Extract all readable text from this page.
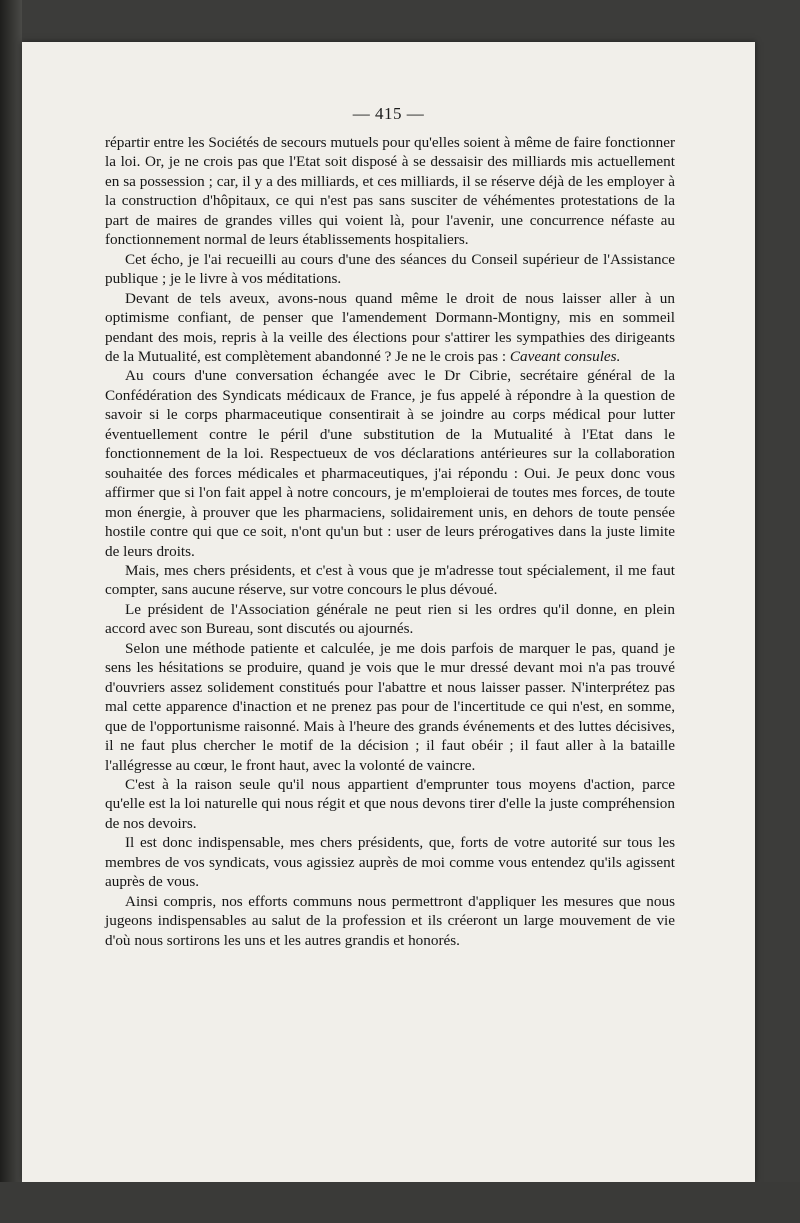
— 415 —

répartir entre les Sociétés de secours mutuels pour qu'elles soient à même de faire fonctionner la loi. Or, je ne crois pas que l'Etat soit disposé à se dessaisir des milliards mis actuellement en sa possession ; car, il y a des milliards, et ces milliards, il se réserve déjà de les employer à la construction d'hôpitaux, ce qui n'est pas sans susciter de véhémentes protestations de la part de maires de grandes villes qui voient là, pour l'avenir, une concurrence néfaste au fonctionnement normal de leurs établissements hospitaliers.

Cet écho, je l'ai recueilli au cours d'une des séances du Conseil supérieur de l'Assistance publique ; je le livre à vos méditations.

Devant de tels aveux, avons-nous quand même le droit de nous laisser aller à un optimisme confiant, de penser que l'amendement Dormann-Montigny, mis en sommeil pendant des mois, repris à la veille des élections pour s'attirer les sympathies des dirigeants de la Mutualité, est complètement abandonné ? Je ne le crois pas : Caveant consules.

Au cours d'une conversation échangée avec le Dr Cibrie, secrétaire général de la Confédération des Syndicats médicaux de France, je fus appelé à répondre à la question de savoir si le corps pharmaceutique consentirait à se joindre au corps médical pour lutter éventuellement contre le péril d'une substitution de la Mutualité à l'Etat dans le fonctionnement de la loi. Respectueux de vos déclarations antérieures sur la collaboration souhaitée des forces médicales et pharmaceutiques, j'ai répondu : Oui. Je peux donc vous affirmer que si l'on fait appel à notre concours, je m'emploierai de toutes mes forces, de toute mon énergie, à prouver que les pharmaciens, solidairement unis, en dehors de toute pensée hostile contre qui que ce soit, n'ont qu'un but : user de leurs prérogatives dans la juste limite de leurs droits.

Mais, mes chers présidents, et c'est à vous que je m'adresse tout spécialement, il me faut compter, sans aucune réserve, sur votre concours le plus dévoué.

Le président de l'Association générale ne peut rien si les ordres qu'il donne, en plein accord avec son Bureau, sont discutés ou ajournés.

Selon une méthode patiente et calculée, je me dois parfois de marquer le pas, quand je sens les hésitations se produire, quand je vois que le mur dressé devant moi n'a pas trouvé d'ouvriers assez solidement constitués pour l'abattre et nous laisser passer. N'interprétez pas mal cette apparence d'inaction et ne prenez pas pour de l'incertitude ce qui n'est, en somme, que de l'opportunisme raisonné. Mais à l'heure des grands événements et des luttes décisives, il ne faut plus chercher le motif de la décision ; il faut obéir ; il faut aller à la bataille l'allégresse au cœur, le front haut, avec la volonté de vaincre.

C'est à la raison seule qu'il nous appartient d'emprunter tous moyens d'action, parce qu'elle est la loi naturelle qui nous régit et que nous devons tirer d'elle la juste compréhension de nos devoirs.

Il est donc indispensable, mes chers présidents, que, forts de votre autorité sur tous les membres de vos syndicats, vous agissiez auprès de moi comme vous entendez qu'ils agissent auprès de vous.

Ainsi compris, nos efforts communs nous permettront d'appliquer les mesures que nous jugeons indispensables au salut de la profession et ils créeront un large mouvement de vie d'où nous sortirons les uns et les autres grandis et honorés.
